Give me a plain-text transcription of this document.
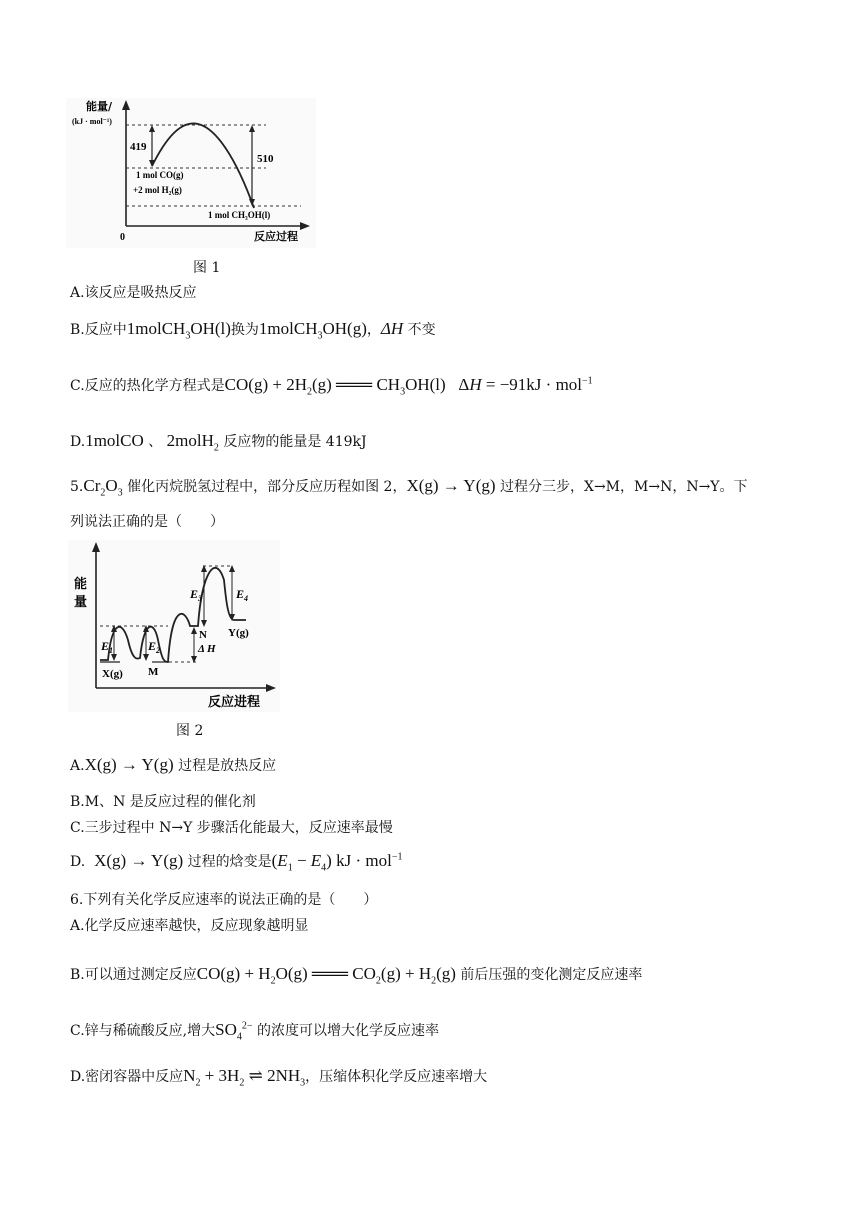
能量/
(kJ · mol⁻¹)
419
510
1 mol CO(g)
+2 mol H₂(g)
1 mol CH₃OH(l)
0	反应过程
图 1
A.该反应是吸热反应
B.反应中1molCH$_3$OH(l)换为1molCH$_3$OH(g)，ΔH 不变
C.反应的热化学方程式是$CO(g) + 2H_2(g)$ ═══ $CH_3OH(l) \Delta H = -91kJ \cdot mol^{-1}$
D.1molCO 、 2molH$_2$ 反应物的能量是 419kJ
$5.Cr_2O_3$ 催化丙烷脱氢过程中，部分反应历程如图 2，X(g) → Y(g) 过程分三步，X→M，M→N，N→Y。下
列说法正确的是（　　）
能
量
$E_1$	$E_2$
$E_3$	$E_4$
N
Δ H
Y(g)
X(g) M
反应进程
图 2
A.X(g) → Y(g) 过程是放热反应
B.M、N 是反应过程的催化剂
C.三步过程中 N→Y 步骤活化能最大，反应速率最慢
D. X(g) → Y(g) 过程的焓变是$(E_1 - E_4)$ kJ · mol$^{-1}$
6.下列有关化学反应速率的说法正确的是（　　）
A.化学反应速率越快，反应现象越明显
B.可以通过测定反应$CO(g) + H_2O(g)$ ═══ $CO_2(g) + H_2(g)$ 前后压强的变化测定反应速率
C.锌与稀硫酸反应,增大$SO_4^{2-}$ 的浓度可以增大化学反应速率
D.密闭容器中反应$N_2 + 3H_2$ ⇌ $2NH_3$，压缩体积化学反应速率增大
